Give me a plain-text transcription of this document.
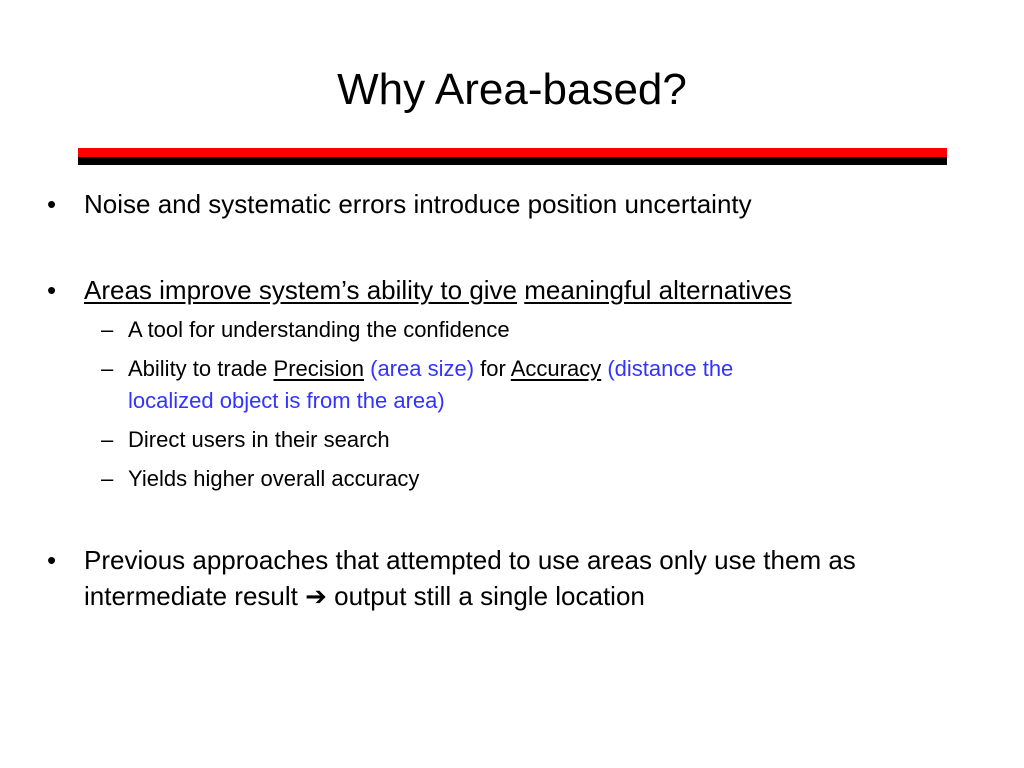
Why Area-based?
• Noise and systematic errors introduce position uncertainty
• Areas improve system’s ability to give meaningful alternatives
– A tool for understanding the confidence
– Ability to trade Precision (area size) for Accuracy (distance the
localized object is from the area)
– Direct users in their search
– Yields higher overall accuracy
• Previous approaches that attempted to use areas only use them as
intermediate result ➔ output still a single location
